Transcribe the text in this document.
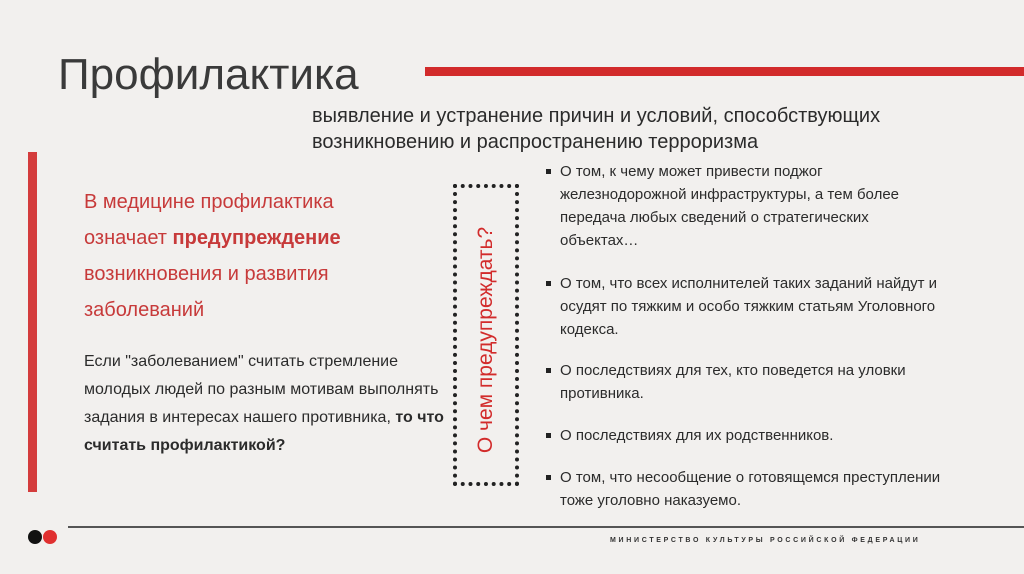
Профилактика
выявление и устранение причин и условий, способствующих возникновению и распространению терроризма
В медицине профилактика означает предупреждение возникновения и развития заболеваний
Если "заболеванием" считать стремление молодых людей по разным мотивам выполнять задания в интересах нашего противника, то что считать профилактикой?	О чем предупреждать?
О том, к чему может привести поджог железнодорожной инфраструктуры, а тем более передача любых сведений о стратегических объектах…
О том, что всех исполнителей таких заданий найдут и осудят по тяжким и особо тяжким статьям Уголовного кодекса.
О последствиях для тех, кто поведется на уловки противника.
О последствиях для их родственников.
О том, что несообщение о готовящемся преступлении тоже уголовно наказуемо.
МИНИСТЕРСТВО КУЛЬТУРЫ РОССИЙСКОЙ ФЕДЕРАЦИИ
